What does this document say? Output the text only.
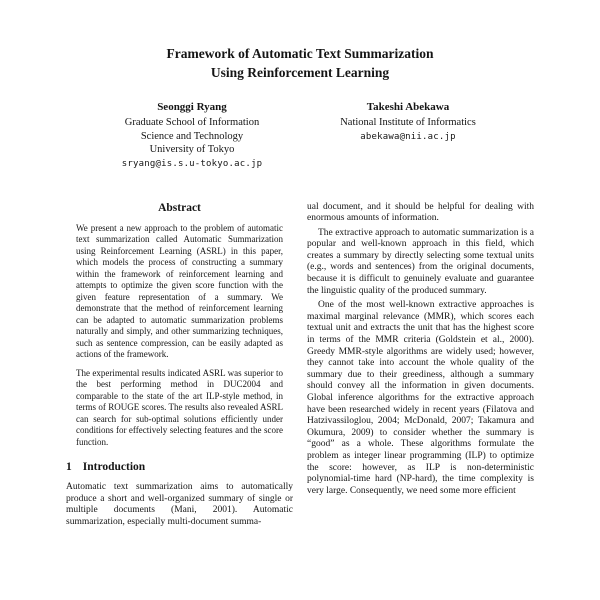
Framework of Automatic Text Summarization
Using Reinforcement Learning
Seonggi Ryang
Graduate School of Information
Science and Technology
University of Tokyo
sryang@is.s.u-tokyo.ac.jp
Takeshi Abekawa
National Institute of Informatics
abekawa@nii.ac.jp
Abstract

We present a new approach to the problem of automatic text summarization called Automatic Summarization using Reinforcement Learning (ASRL) in this paper, which models the process of constructing a summary within the framework of reinforcement learning and attempts to optimize the given score function with the given feature representation of a summary. We demonstrate that the method of reinforcement learning can be adapted to automatic summarization problems naturally and simply, and other summarizing techniques, such as sentence compression, can be easily adapted as actions of the framework.

The experimental results indicated ASRL was superior to the best performing method in DUC2004 and comparable to the state of the art ILP-style method, in terms of ROUGE scores. The results also revealed ASRL can search for sub-optimal solutions efficiently under conditions for effectively selecting features and the score function.

1 Introduction

Automatic text summarization aims to automatically produce a short and well-organized summary of single or multiple documents (Mani, 2001). Automatic summarization, especially multi-document summa-

ual document, and it should be helpful for dealing with enormous amounts of information.

The extractive approach to automatic summarization is a popular and well-known approach in this field, which creates a summary by directly selecting some textual units (e.g., words and sentences) from the original documents, because it is difficult to genuinely evaluate and guarantee the linguistic quality of the produced summary.

One of the most well-known extractive approaches is maximal marginal relevance (MMR), which scores each textual unit and extracts the unit that has the highest score in terms of the MMR criteria (Goldstein et al., 2000). Greedy MMR-style algorithms are widely used; however, they cannot take into account the whole quality of the summary due to their greediness, although a summary should convey all the information in given documents. Global inference algorithms for the extractive approach have been researched widely in recent years (Filatova and Hatzivassiloglou, 2004; McDonald, 2007; Takamura and Okumura, 2009) to consider whether the summary is “good” as a whole. These algorithms formulate the problem as integer linear programming (ILP) to optimize the score: however, as ILP is non-deterministic polynomial-time hard (NP-hard), the time complexity is very large. Consequently, we need some more efficient
